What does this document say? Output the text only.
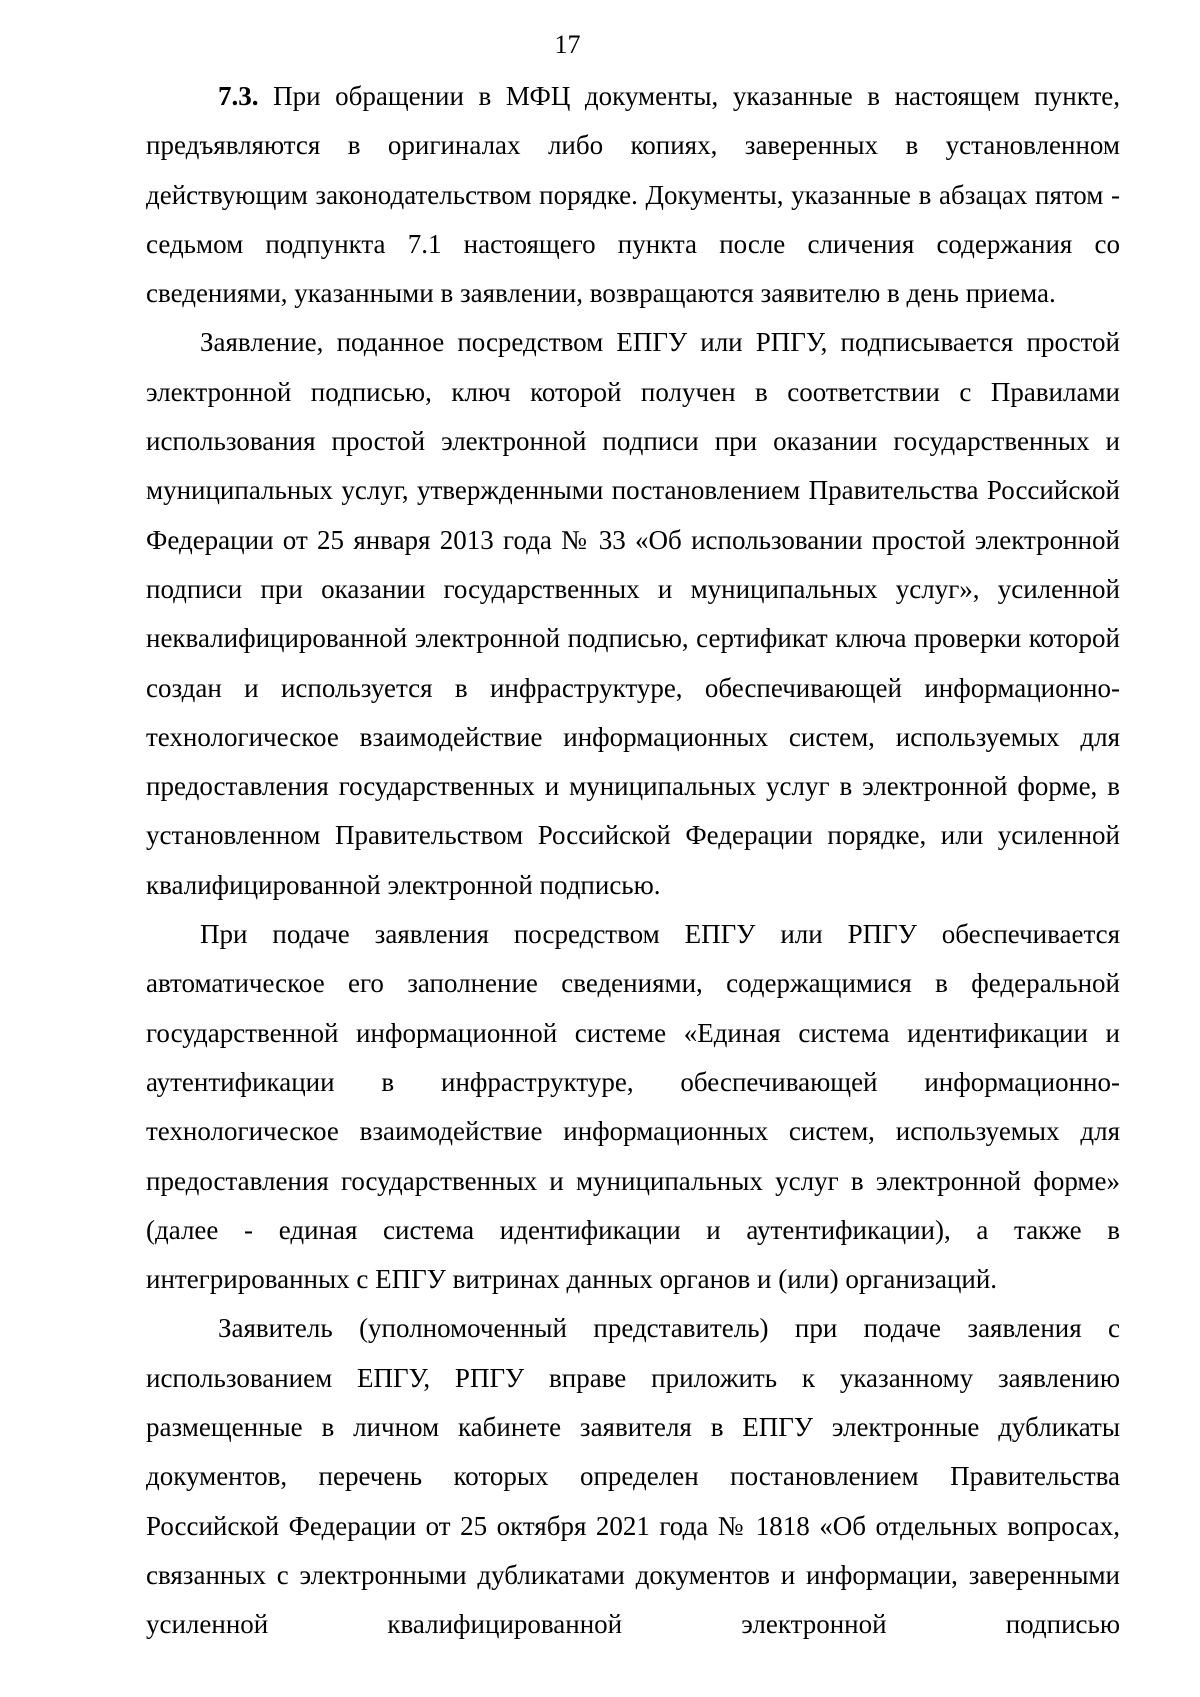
17

7.3. При обращении в МФЦ документы, указанные в настоящем пункте, предъявляются в оригиналах либо копиях, заверенных в установленном действующим законодательством порядке. Документы, указанные в абзацах пятом - седьмом подпункта 7.1 настоящего пункта после сличения содержания со сведениями, указанными в заявлении, возвращаются заявителю в день приема.

Заявление, поданное посредством ЕПГУ или РПГУ, подписывается простой электронной подписью, ключ которой получен в соответствии с Правилами использования простой электронной подписи при оказании государственных и муниципальных услуг, утвержденными постановлением Правительства Российской Федерации от 25 января 2013 года № 33 «Об использовании простой электронной подписи при оказании государственных и муниципальных услуг», усиленной неквалифицированной электронной подписью, сертификат ключа проверки которой создан и используется в инфраструктуре, обеспечивающей информационно-технологическое взаимодействие информационных систем, используемых для предоставления государственных и муниципальных услуг в электронной форме, в установленном Правительством Российской Федерации порядке, или усиленной квалифицированной электронной подписью.

При подаче заявления посредством ЕПГУ или РПГУ обеспечивается автоматическое его заполнение сведениями, содержащимися в федеральной государственной информационной системе «Единая система идентификации и аутентификации в инфраструктуре, обеспечивающей информационно-технологическое взаимодействие информационных систем, используемых для предоставления государственных и муниципальных услуг в электронной форме» (далее - единая система идентификации и аутентификации), а также в интегрированных с ЕПГУ витринах данных органов и (или) организаций.

Заявитель (уполномоченный представитель) при подаче заявления с использованием ЕПГУ, РПГУ вправе приложить к указанному заявлению размещенные в личном кабинете заявителя в ЕПГУ электронные дубликаты документов, перечень которых определен постановлением Правительства Российской Федерации от 25 октября 2021 года № 1818 «Об отдельных вопросах, связанных с электронными дубликатами документов и информации, заверенными усиленной квалифицированной электронной подписью
